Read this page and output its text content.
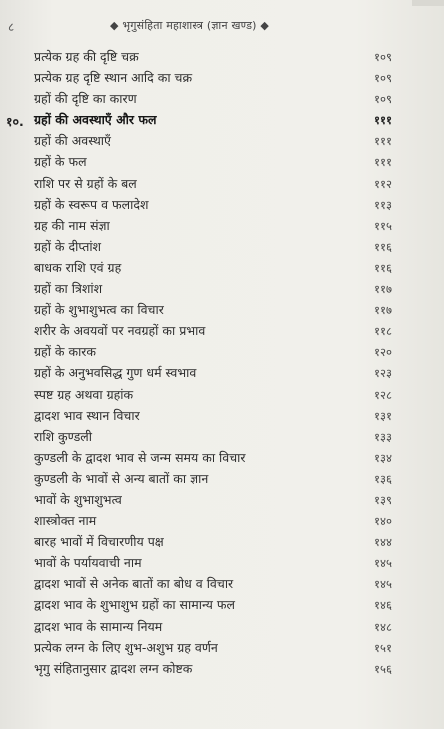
८	◆ भृगुसंहिता महाशास्त्र (ज्ञान खण्ड) ◆
प्रत्येक ग्रह की दृष्टि चक्र	१०९
प्रत्येक ग्रह दृष्टि स्थान आदि का चक्र	१०९
ग्रहों की दृष्टि का कारण	१०९
१०. ग्रहों की अवस्थाएँ और फल	१११
ग्रहों की अवस्थाएँ	१११
ग्रहों के फल	१११
राशि पर से ग्रहों के बल	११२
ग्रहों के स्वरूप व फलादेश	११३
ग्रह की नाम संज्ञा	११५
ग्रहों के दीप्तांश	११६
बाधक राशि एवं ग्रह	११६
ग्रहों का त्रिशांश	११७
ग्रहों के शुभाशुभत्व का विचार	११७
शरीर के अवयवों पर नवग्रहों का प्रभाव	११८
ग्रहों के कारक	१२०
ग्रहों के अनुभवसिद्ध गुण धर्म स्वभाव	१२३
स्पष्ट ग्रह अथवा ग्रहांक	१२८
द्वादश भाव स्थान विचार	१३१
राशि कुण्डली	१३३
कुण्डली के द्वादश भाव से जन्म समय का विचार	१३४
कुण्डली के भावों से अन्य बातों का ज्ञान	१३६
भावों के शुभाशुभत्व	१३९
शास्त्रोक्त नाम	१४०
बारह भावों में विचारणीय पक्ष	१४४
भावों के पर्यायवाची नाम	१४५
द्वादश भावों से अनेक बातों का बोध व विचार	१४५
द्वादश भाव के शुभाशुभ ग्रहों का सामान्य फल	१४६
द्वादश भाव के सामान्य नियम	१४८
प्रत्येक लग्न के लिए शुभ-अशुभ ग्रह वर्णन	१५१
भृगु संहितानुसार द्वादश लग्न कोष्टक	१५६
